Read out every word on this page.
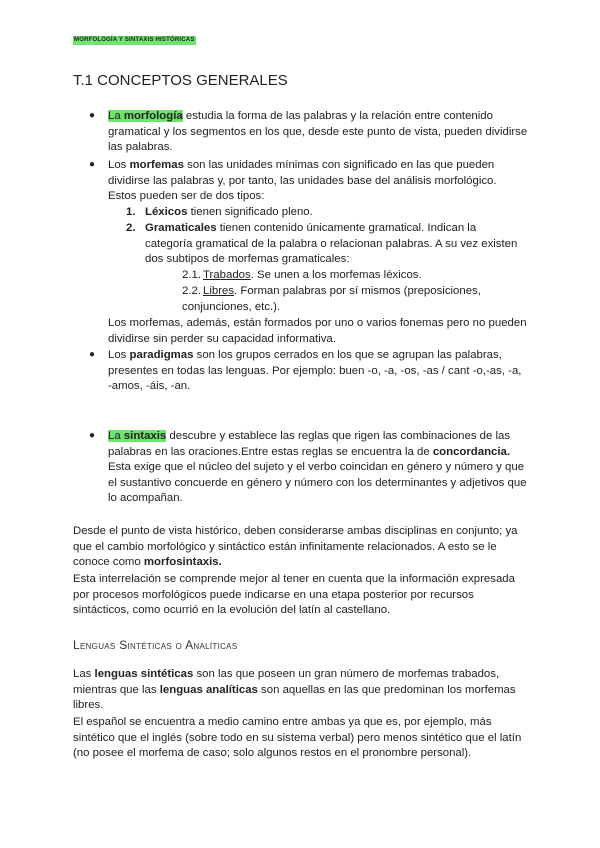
MORFOLOGÍA Y SINTAXIS HISTÓRICAS
T.1 CONCEPTOS GENERALES
● La morfología estudia la forma de las palabras y la relación entre contenido gramatical y los segmentos en los que, desde este punto de vista, pueden dividirse las palabras.
● Los morfemas son las unidades mínimas con significado en las que pueden dividirse las palabras y, por tanto, las unidades base del análisis morfológico. Estos pueden ser de dos tipos:
1. Léxicos tienen significado pleno.
2. Gramaticales tienen contenido únicamente gramatical. Indican la categoría gramatical de la palabra o relacionan palabras. A su vez existen dos subtipos de morfemas gramaticales:
2.1. Trabados. Se unen a los morfemas léxicos.
2.2. Libres. Forman palabras por sí mismos (preposiciones, conjunciones, etc.).
Los morfemas, además, están formados por uno o varios fonemas pero no pueden dividirse sin perder su capacidad informativa.
● Los paradigmas son los grupos cerrados en los que se agrupan las palabras, presentes en todas las lenguas. Por ejemplo: buen -o, -a, -os, -as / cant -o,-as, -a, -amos, -áis, -an.
● La sintaxis descubre y establece las reglas que rigen las combinaciones de las palabras en las oraciones.Entre estas reglas se encuentra la de concordancia. Esta exige que el núcleo del sujeto y el verbo coincidan en género y número y que el sustantivo concuerde en género y número con los determinantes y adjetivos que lo acompañan.
Desde el punto de vista histórico, deben considerarse ambas disciplinas en conjunto; ya que el cambio morfológico y sintáctico están infinitamente relacionados. A esto se le conoce como morfosintaxis.
Esta interrelación se comprende mejor al tener en cuenta que la información expresada por procesos morfológicos puede indicarse en una etapa posterior por recursos sintácticos, como ocurrió en la evolución del latín al castellano.
Lenguas Sintéticas o Analíticas
Las lenguas sintéticas son las que poseen un gran número de morfemas trabados, mientras que las lenguas analíticas son aquellas en las que predominan los morfemas libres.
El español se encuentra a medio camino entre ambas ya que es, por ejemplo, más sintético que el inglés (sobre todo en su sistema verbal) pero menos sintético que el latín (no posee el morfema de caso; solo algunos restos en el pronombre personal).
